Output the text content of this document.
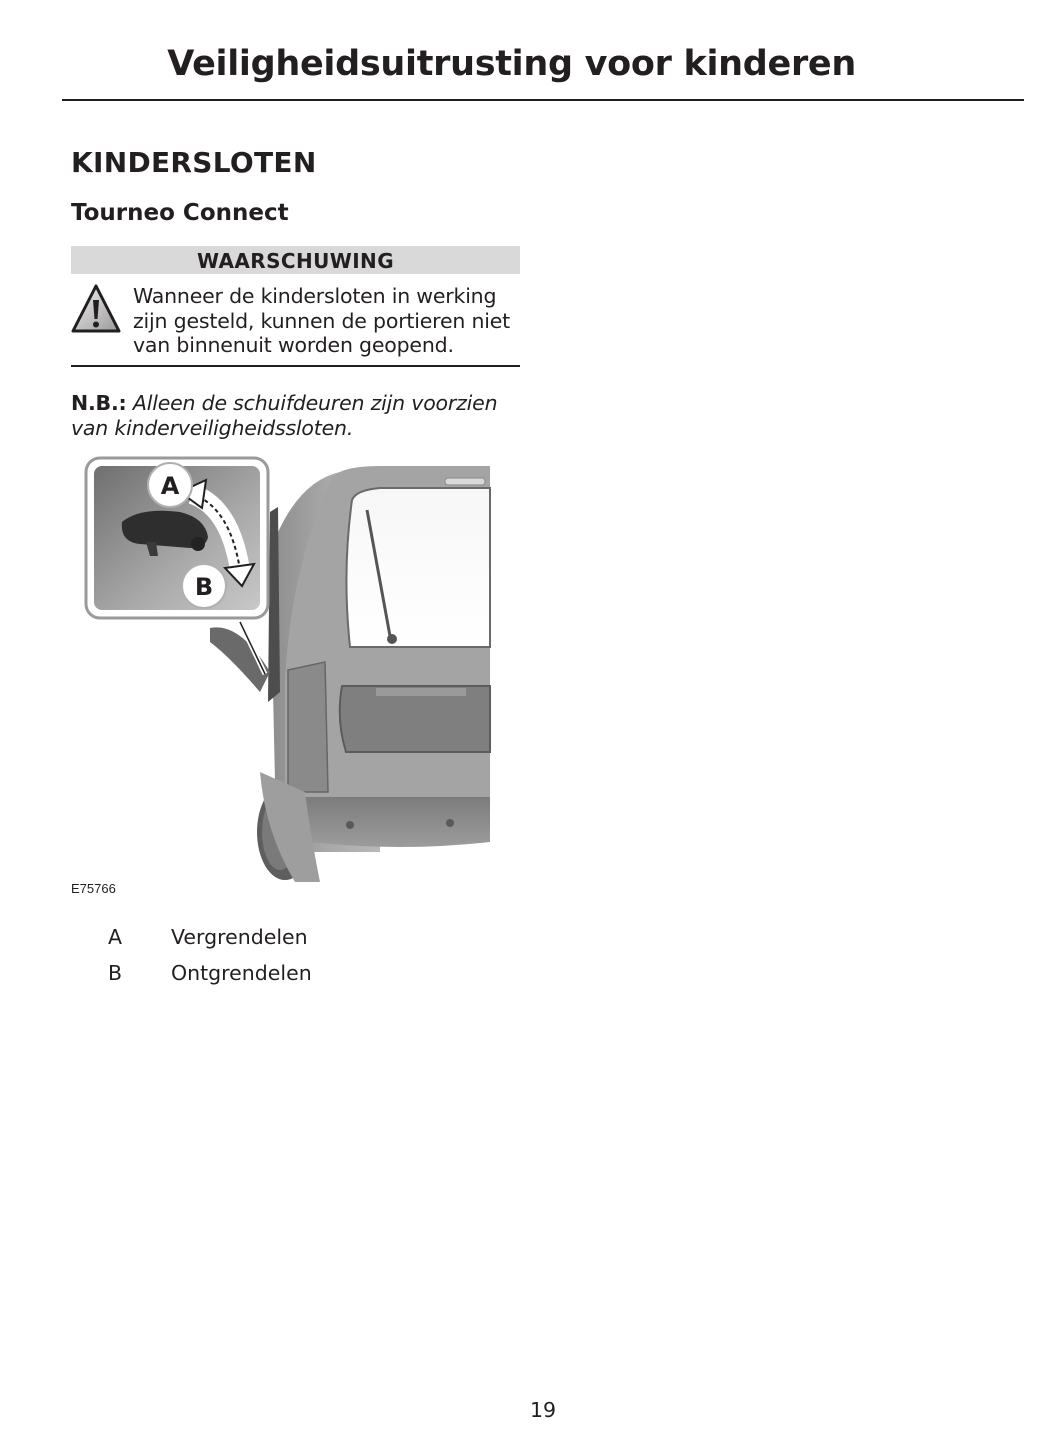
Veiligheidsuitrusting voor kinderen
KINDERSLOTEN
Tourneo Connect
WAARSCHUWING

Wanneer de kindersloten in werking zijn gesteld, kunnen de portieren niet van binnenuit worden geopend.

N.B.: Alleen de schuifdeuren zijn voorzien van kinderveiligheidssloten.

A
B
E75766
A Vergrendelen
B Ontgrendelen
19
